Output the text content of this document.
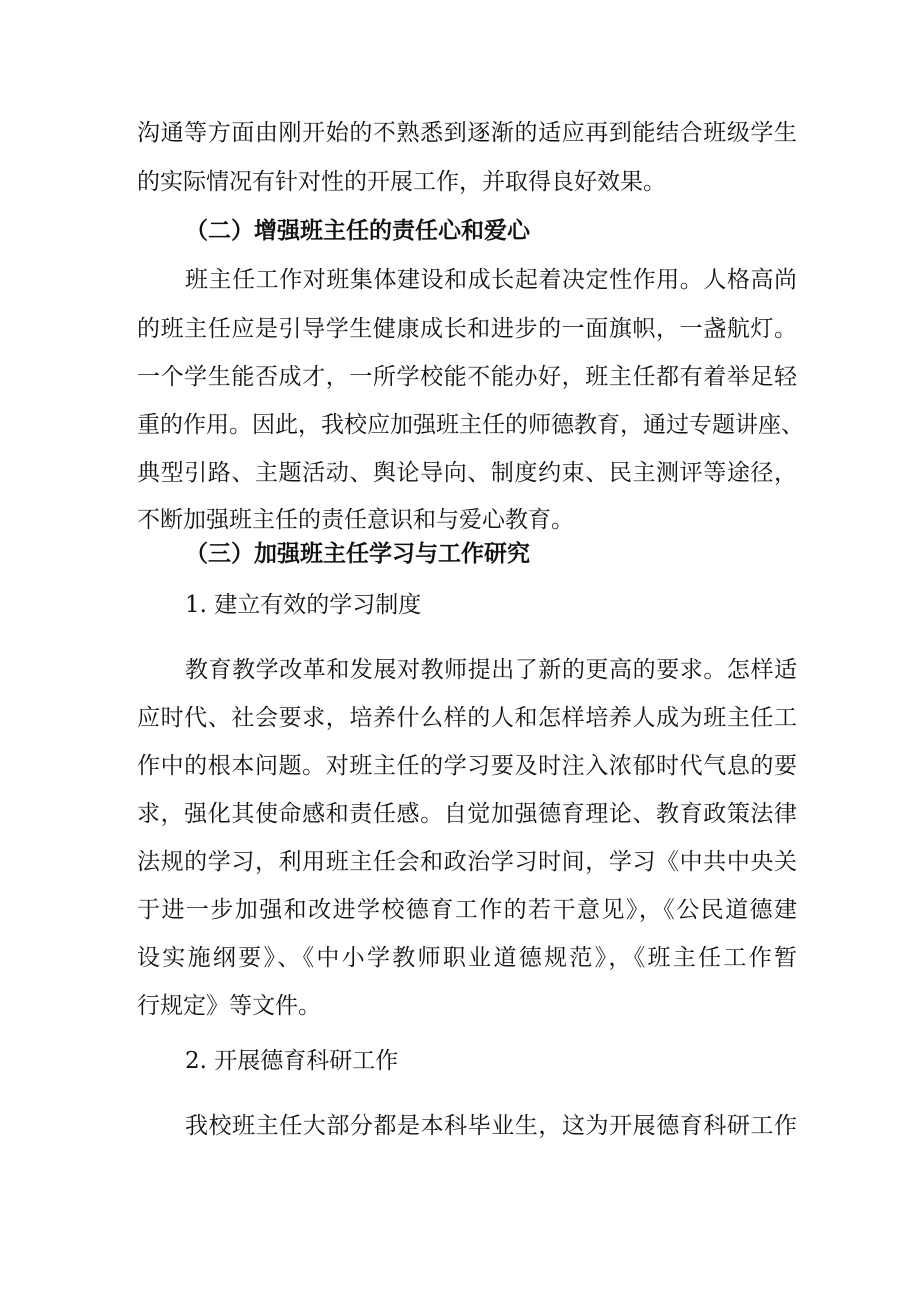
沟通等方面由刚开始的不熟悉到逐渐的适应再到能结合班级学生
的实际情况有针对性的开展工作，并取得良好效果。
（二）增强班主任的责任心和爱心
班主任工作对班集体建设和成长起着决定性作用。人格高尚
的班主任应是引导学生健康成长和进步的一面旗帜，一盏航灯。
一个学生能否成才，一所学校能不能办好，班主任都有着举足轻
重的作用。因此，我校应加强班主任的师德教育，通过专题讲座、
典型引路、主题活动、舆论导向、制度约束、民主测评等途径，
不断加强班主任的责任意识和与爱心教育。
（三）加强班主任学习与工作研究
1. 建立有效的学习制度
教育教学改革和发展对教师提出了新的更高的要求。怎样适
应时代、社会要求，培养什么样的人和怎样培养人成为班主任工
作中的根本问题。对班主任的学习要及时注入浓郁时代气息的要
求，强化其使命感和责任感。自觉加强德育理论、教育政策法律
法规的学习，利用班主任会和政治学习时间，学习《中共中央关
于进一步加强和改进学校德育工作的若干意见》，《公民道德建
设实施纲要》、《中小学教师职业道德规范》，《班主任工作暂
行规定》等文件。
2. 开展德育科研工作
我校班主任大部分都是本科毕业生，这为开展德育科研工作
